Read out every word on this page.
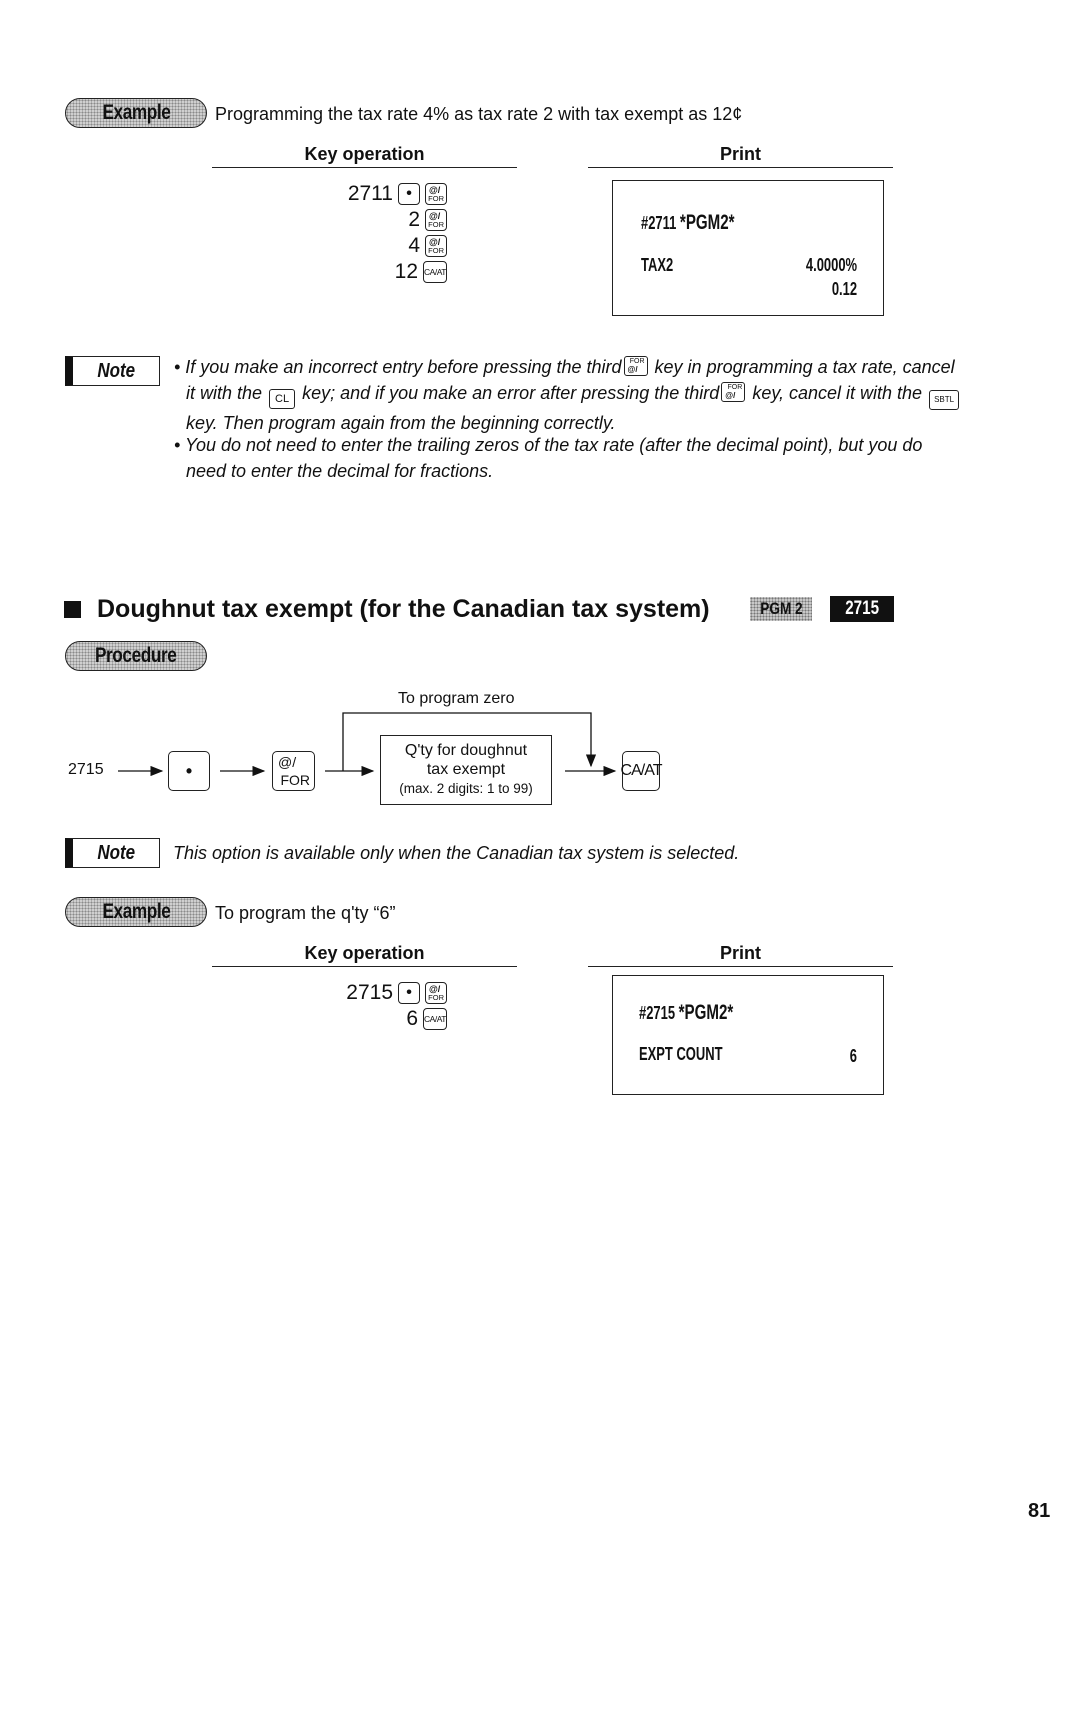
Example	Programming the tax rate 4% as tax rate 2 with tax exempt as 12¢
Key operation	Print
2711 •	@/
FOR
2 @/
FOR
4 @/
FOR
12 CA/AT
#2711 *PGM2*
TAX2	4.0000%
0.12
Note • If you make an incorrect entry before pressing the third @/
FOR key in programming a tax rate, cancel
it with the CL key; and if you make an error after pressing the third @/
FOR key, cancel it with the SBTL
key. Then program again from the beginning correctly.
• You do not need to enter the trailing zeros of the tax rate (after the decimal point), but you do
need to enter the decimal for fractions.
Doughnut tax exempt (for the Canadian tax system)	PGM 2 2715
Procedure
To program zero
2715	•	@/
FOR
Q'ty for doughnut
tax exempt
(max. 2 digits: 1 to 99)
CA/AT
Note This option is available only when the Canadian tax system is selected.
Example	To program the q'ty “6”
Key operation	Print
2715 •	@/
FOR
6 CA/AT	#2715 *PGM2*
EXPT COUNT	6
81
